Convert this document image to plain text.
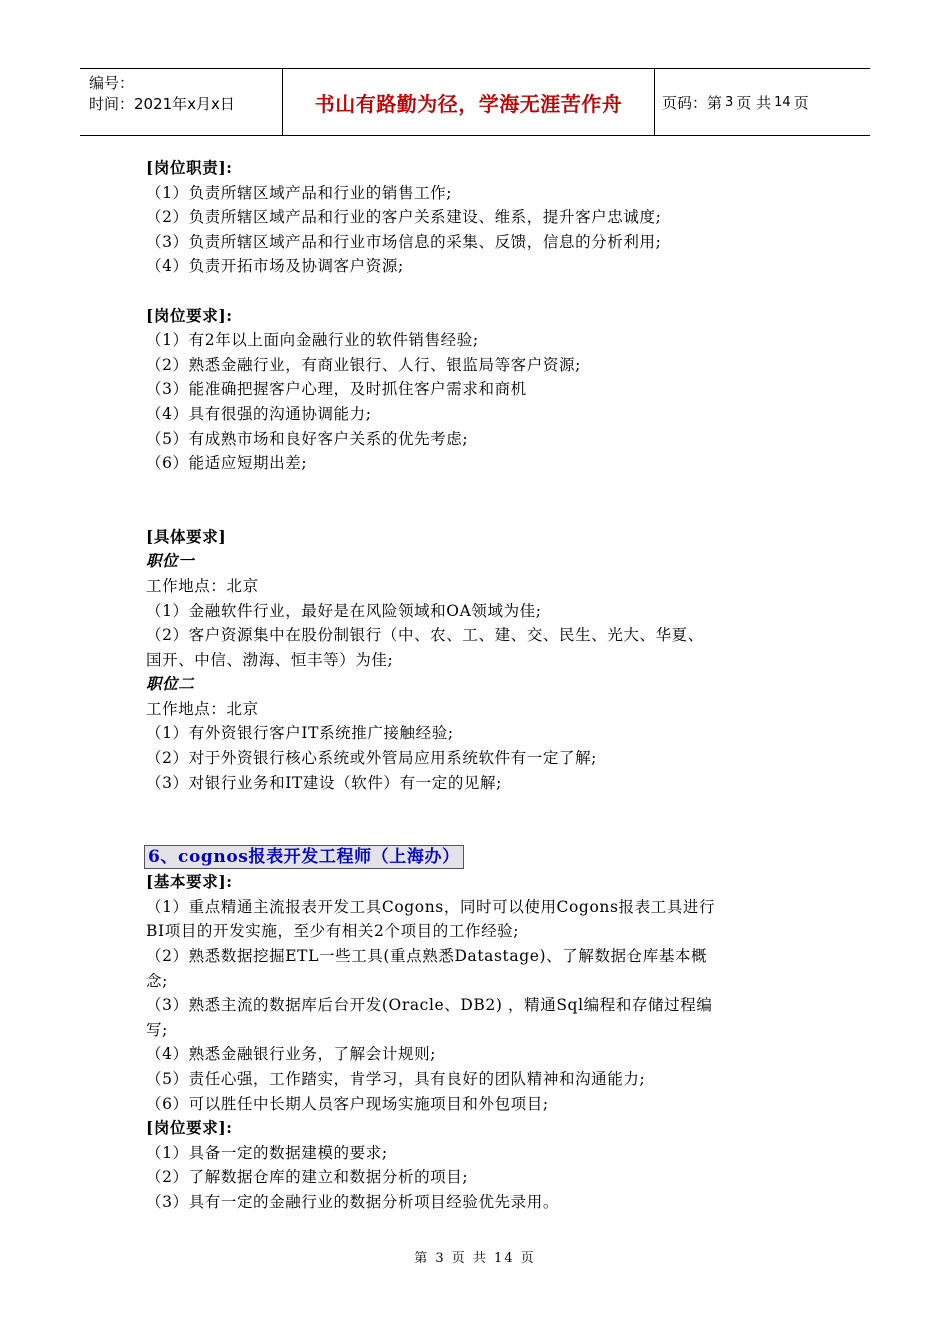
编号：
时间：2021年x月x日	书山有路勤为径，学海无涯苦作舟	页码：第 3 页 共 14 页
[岗位职责]:
（1）负责所辖区域产品和行业的销售工作;
（2）负责所辖区域产品和行业的客户关系建设、维系，提升客户忠诚度;
（3）负责所辖区域产品和行业市场信息的采集、反馈，信息的分析利用;
（4）负责开拓市场及协调客户资源;
[岗位要求]:
（1）有2年以上面向金融行业的软件销售经验;
（2）熟悉金融行业，有商业银行、人行、银监局等客户资源;
（3）能准确把握客户心理，及时抓住客户需求和商机
（4）具有很强的沟通协调能力;
（5）有成熟市场和良好客户关系的优先考虑;
（6）能适应短期出差;
[具体要求]
职位一
工作地点：北京
（1）金融软件行业，最好是在风险领域和OA领域为佳;
（2）客户资源集中在股份制银行（中、农、工、建、交、民生、光大、华夏、
国开、中信、渤海、恒丰等）为佳;
职位二
工作地点：北京
（1）有外资银行客户IT系统推广接触经验;
（2）对于外资银行核心系统或外管局应用系统软件有一定了解;
（3）对银行业务和IT建设（软件）有一定的见解;
6、cognos报表开发工程师（上海办）
[基本要求]:
（1）重点精通主流报表开发工具Cogons，同时可以使用Cogons报表工具进行
BI项目的开发实施，至少有相关2个项目的工作经验;
（2）熟悉数据挖掘ETL一些工具(重点熟悉Datastage)、了解数据仓库基本概
念;
（3）熟悉主流的数据库后台开发(Oracle、DB2) ，精通Sql编程和存储过程编
写;
（4）熟悉金融银行业务，了解会计规则;
（5）责任心强，工作踏实，肯学习，具有良好的团队精神和沟通能力;
（6）可以胜任中长期人员客户现场实施项目和外包项目;
[岗位要求]:
（1）具备一定的数据建模的要求;
（2）了解数据仓库的建立和数据分析的项目;
（3）具有一定的金融行业的数据分析项目经验优先录用。
第 3 页 共 14 页
